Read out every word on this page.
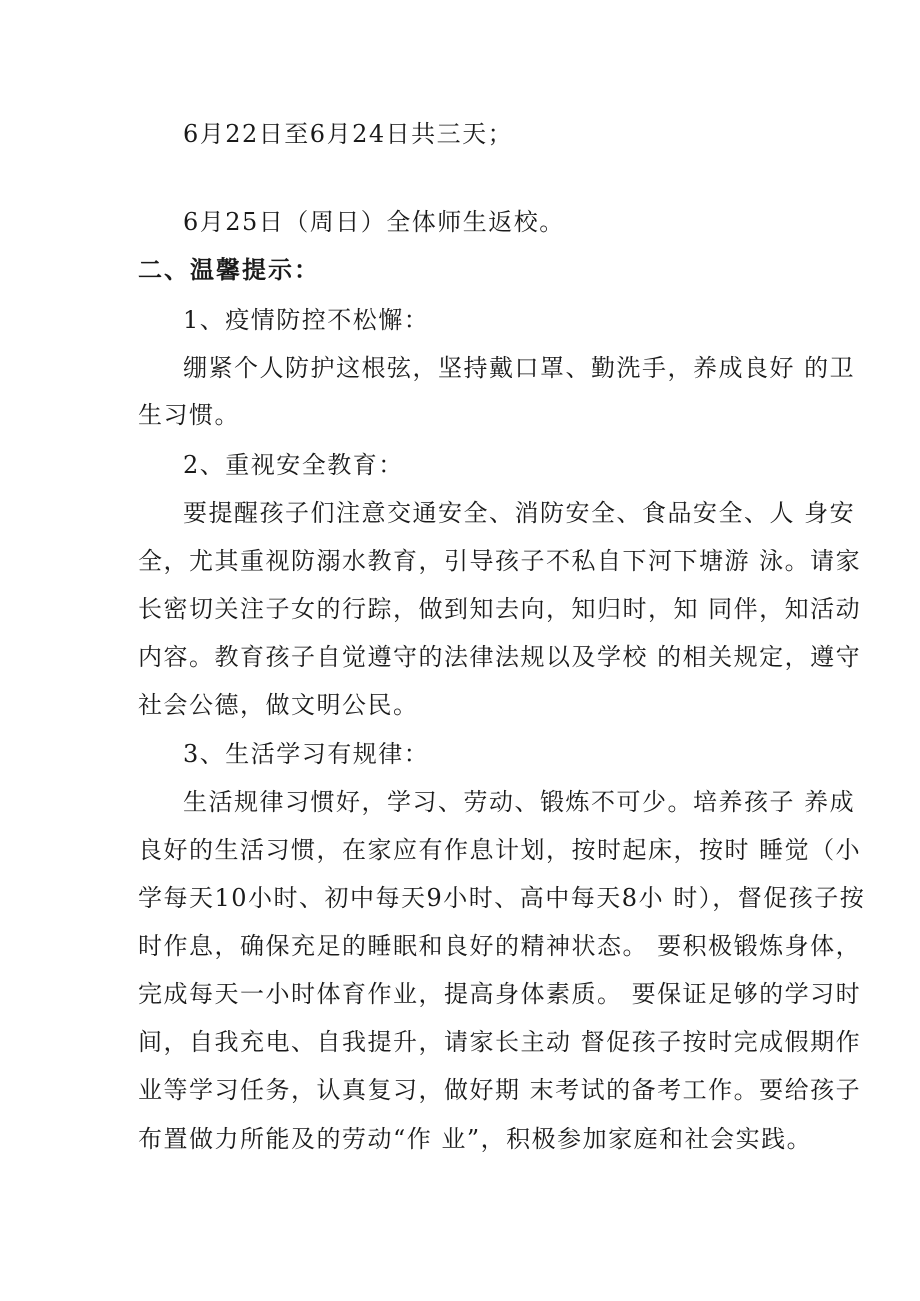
6月22日至6月24日共三天；
6月25日（周日）全体师生返校。
二、温馨提示：
1、疫情防控不松懈：
绷紧个人防护这根弦，坚持戴口罩、勤洗手，养成良好 的卫
生习惯。
2、重视安全教育：
要提醒孩子们注意交通安全、消防安全、食品安全、人 身安
全，尤其重视防溺水教育，引导孩子不私自下河下塘游 泳。请家
长密切关注子女的行踪，做到知去向，知归时，知 同伴，知活动
内容。教育孩子自觉遵守的法律法规以及学校 的相关规定，遵守
社会公德，做文明公民。
3、生活学习有规律：
生活规律习惯好，学习、劳动、锻炼不可少。培养孩子 养成
良好的生活习惯，在家应有作息计划，按时起床，按时 睡觉（小
学每天10小时、初中每天9小时、高中每天8小 时），督促孩子按
时作息，确保充足的睡眠和良好的精神状态。 要积极锻炼身体，
完成每天一小时体育作业，提高身体素质。 要保证足够的学习时
间，自我充电、自我提升，请家长主动 督促孩子按时完成假期作
业等学习任务，认真复习，做好期 末考试的备考工作。要给孩子
布置做力所能及的劳动“作 业”，积极参加家庭和社会实践。
